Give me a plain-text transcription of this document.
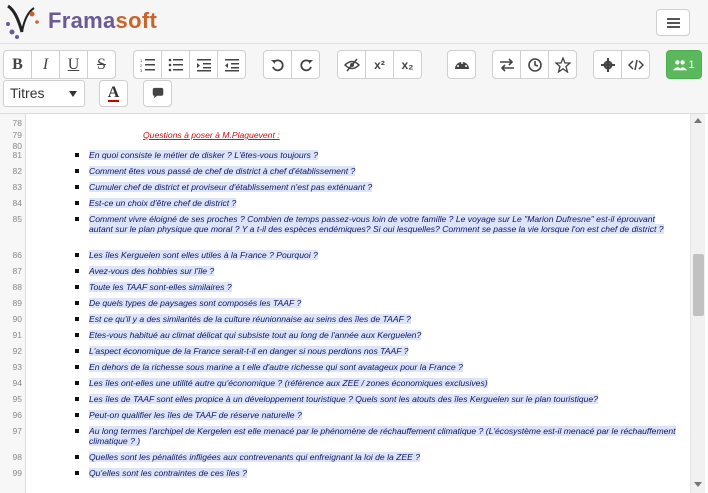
Framasoft
B	I	U	S	1
2
3	x²	x₂	1
Titres	A
78
79	Questions à poser à M.Plaguevent :
80
81	En quoi consiste le métier de disker ? L'êtes-vous toujours ?
82	Comment êtes vous passé de chef de district à chef d'établissement ?
83	Cumuler chef de district et proviseur d'établissement n'est pas exténuant ?
84	Est-ce un choix d'être chef de district ?
85	Comment vivre éloigné de ses proches ? Combien de temps passez-vous loin de votre famille ? Le voyage sur Le "Marion Dufresne" est-il éprouvant autant sur le plan physique que moral ? Y a t-il des espèces endémiques? Si oui lesquelles? Comment se passe la vie lorsque l'on est chef de district ?
86	Les îles Kerguelen sont elles utiles à la France ? Pourquoi ?
87	Avez-vous des hobbies sur l'île ?
88	Toute les TAAF sont-elles similaires ?
89	De quels types de paysages sont composés les TAAF ?
90	Est ce qu'il y a des similarités de la culture réunionnaise au seins des îles de TAAF ?
91	Etes-vous habitué au climat délicat qui subsiste tout au long de l'année aux Kerguelen?
92	L'aspect économique de la France serait-t-il en danger si nous perdions nos TAAF ?
93	En dehors de la richesse sous marine a t elle d'autre richesse qui sont avatageux pour la France ?
94	Les îles ont-elles une utilité autre qu'économique ? (référence aux ZEE / zones économiques exclusives)
95	Les îles de TAAF sont elles propice à un développement touristique ? Quels sont les atouts des îles Kerguelen sur le plan touristique?
96	Peut-on qualifier les îles de TAAF de réserve naturelle ?
97	Au long termes l'archipel de Kergelen est elle menacé par le phénomène de réchauffement climatique ? (L'écosystème est-il menacé par le réchauffement climatique ? )
98	Quelles sont les pénalités infligées aux contrevenants qui enfreignant la loi de la ZEE ?
99	Qu'elles sont les contraintes de ces îles ?
